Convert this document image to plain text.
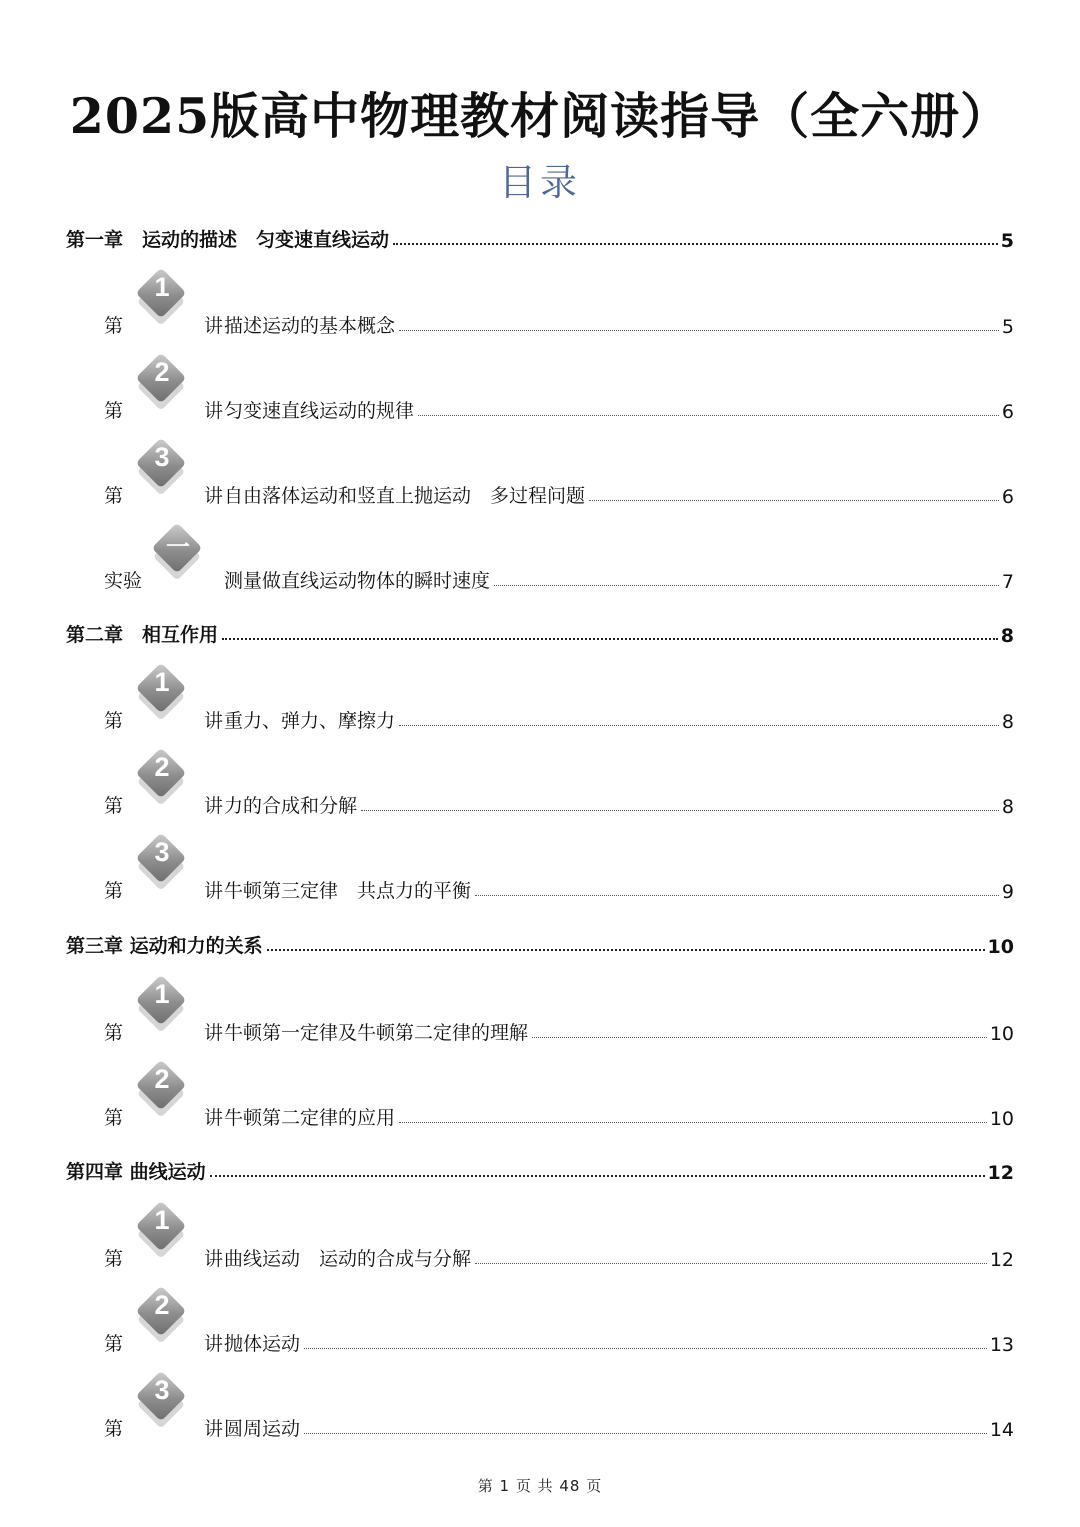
2025版高中物理教材阅读指导（全六册）
目录
第一章　运动的描述　匀变速直线运动	5
第
1
讲 描述运动的基本概念	5
第
2
讲 匀变速直线运动的规律	6
第
3
讲 自由落体运动和竖直上抛运动　多过程问题	6
实验
一
测量做直线运动物体的瞬时速度	7
第二章　相互作用	8
第
1
讲 重力、弹力、摩擦力	8
第
2
讲 力的合成和分解	8
第
3
讲 牛顿第三定律　共点力的平衡	9
第三章 运动和力的关系	10
第
1
讲 牛顿第一定律及牛顿第二定律的理解	10
第
2
讲 牛顿第二定律的应用	10
第四章 曲线运动	12
第
1
讲 曲线运动　运动的合成与分解	12
第
2
讲 抛体运动	13
第
3
讲 圆周运动	14
第 1 页 共 48 页
